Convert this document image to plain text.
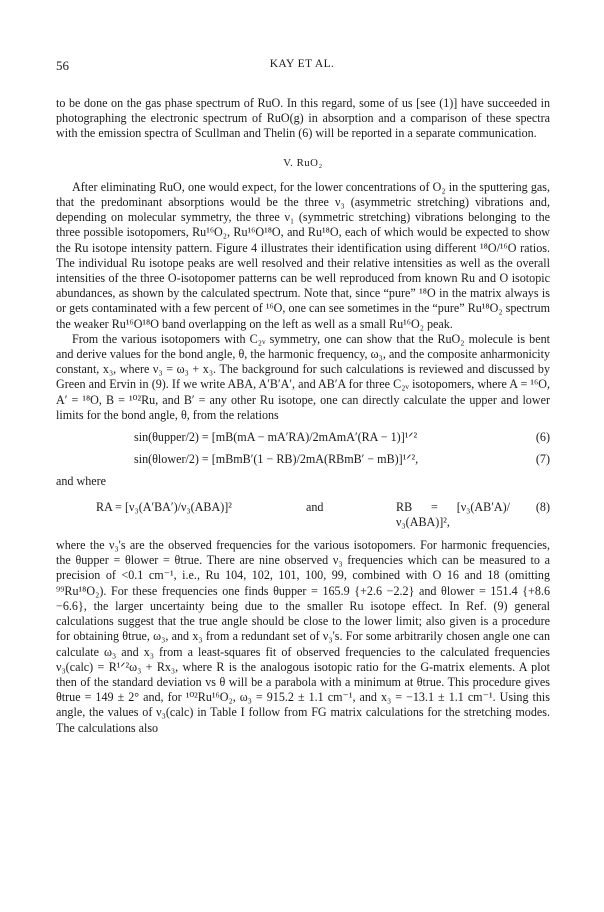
56	KAY ET AL.

to be done on the gas phase spectrum of RuO. In this regard, some of us [see (1)] have succeeded in photographing the electronic spectrum of RuO(g) in absorption and a comparison of these spectra with the emission spectra of Scullman and Thelin (6) will be reported in a separate communication.

V. RuO₂

After eliminating RuO, one would expect, for the lower concentrations of O₂ in the sputtering gas, that the predominant absorptions would be the three ν₃ (asymmetric stretching) vibrations and, depending on molecular symmetry, the three ν₁ (symmetric stretching) vibrations belonging to the three possible isotopomers, Ru¹⁶O₂, Ru¹⁶O¹⁸O, and Ru¹⁸O, each of which would be expected to show the Ru isotope intensity pattern. Figure 4 illustrates their identification using different ¹⁸O/¹⁶O ratios. The individual Ru isotope peaks are well resolved and their relative intensities as well as the overall intensities of the three O-isotopomer patterns can be well reproduced from known Ru and O isotopic abundances, as shown by the calculated spectrum. Note that, since “pure” ¹⁸O in the matrix always is or gets contaminated with a few percent of ¹⁶O, one can see sometimes in the “pure” Ru¹⁸O₂ spectrum the weaker Ru¹⁶O¹⁸O band overlapping on the left as well as a small Ru¹⁶O₂ peak.

From the various isotopomers with C₂ᵥ symmetry, one can show that the RuO₂ molecule is bent and derive values for the bond angle, θ, the harmonic frequency, ω₃, and the composite anharmonicity constant, x₃, where ν₃ = ω₃ + x₃. The background for such calculations is reviewed and discussed by Green and Ervin in (9). If we write ABA, A′B′A′, and AB′A for three C₂ᵥ isotopomers, where A = ¹⁶O, A′ = ¹⁸O, B = ¹⁰²Ru, and B′ = any other Ru isotope, one can directly calculate the upper and lower limits for the bond angle, θ, from the relations

sin(θupper/2) = [mB(mA − mA′RA)/2mAmA′(RA − 1)]¹ᐟ²	(6)
sin(θlower/2) = [mBmB′(1 − RB)/2mA(RBmB′ − mB)]¹ᐟ²,	(7)

and where

RA = [ν₃(A′BA′)/ν₃(ABA)]²	and	RB = [ν₃(AB′A)/ν₃(ABA)]²,
(8)

where the ν₃'s are the observed frequencies for the various isotopomers. For harmonic frequencies, the θupper = θlower = θtrue. There are nine observed ν₃ frequencies which can be measured to a precision of <0.1 cm⁻¹, i.e., Ru 104, 102, 101, 100, 99, combined with O 16 and 18 (omitting ⁹⁹Ru¹⁸O₂). For these frequencies one finds θupper = 165.9 {+2.6 −2.2} and θlower = 151.4 {+8.6 −6.6}, the larger uncertainty being due to the smaller Ru isotope effect. In Ref. (9) general calculations suggest that the true angle should be close to the lower limit; also given is a procedure for obtaining θtrue, ω₃, and x₃ from a redundant set of ν₃'s. For some arbitrarily chosen angle one can calculate ω₃ and x₃ from a least-squares fit of observed frequencies to the calculated frequencies ν₃(calc) = R¹ᐟ²ω₃ + Rx₃, where R is the analogous isotopic ratio for the G-matrix elements. A plot then of the standard deviation vs θ will be a parabola with a minimum at θtrue. This procedure gives θtrue = 149 ± 2° and, for ¹⁰²Ru¹⁶O₂, ω₃ = 915.2 ± 1.1 cm⁻¹, and x₃ = −13.1 ± 1.1 cm⁻¹. Using this angle, the values of ν₃(calc) in Table I follow from FG matrix calculations for the stretching modes. The calculations also
